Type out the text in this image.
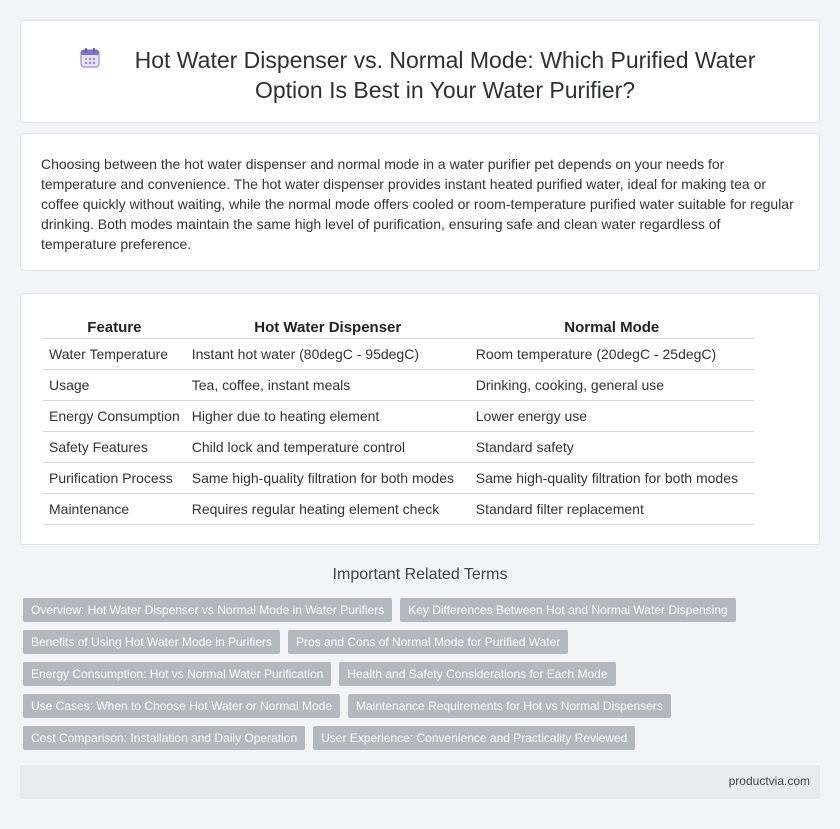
Hot Water Dispenser vs. Normal Mode: Which Purified Water Option Is Best in Your Water Purifier?

Choosing between the hot water dispenser and normal mode in a water purifier pet depends on your needs for temperature and convenience. The hot water dispenser provides instant heated purified water, ideal for making tea or coffee quickly without waiting, while the normal mode offers cooled or room-temperature purified water suitable for regular drinking. Both modes maintain the same high level of purification, ensuring safe and clean water regardless of temperature preference.

Feature	Hot Water Dispenser	Normal Mode
Water Temperature	Instant hot water (80degC - 95degC)	Room temperature (20degC - 25degC)
Usage	Tea, coffee, instant meals	Drinking, cooking, general use
Energy Consumption	Higher due to heating element	Lower energy use
Safety Features	Child lock and temperature control	Standard safety
Purification Process	Same high-quality filtration for both modes	Same high-quality filtration for both modes
Maintenance	Requires regular heating element check	Standard filter replacement
Important Related Terms
Overview: Hot Water Dispenser vs Normal Mode in Water Purifiers	Key Differences Between Hot and Normal Water Dispensing
Benefits of Using Hot Water Mode in Purifiers	Pros and Cons of Normal Mode for Purified Water
Energy Consumption: Hot vs Normal Water Purification	Health and Safety Considerations for Each Mode
Use Cases: When to Choose Hot Water or Normal Mode	Maintenance Requirements for Hot vs Normal Dispensers
Cost Comparison: Installation and Daily Operation	User Experience: Convenience and Practicality Reviewed
productvia.com
